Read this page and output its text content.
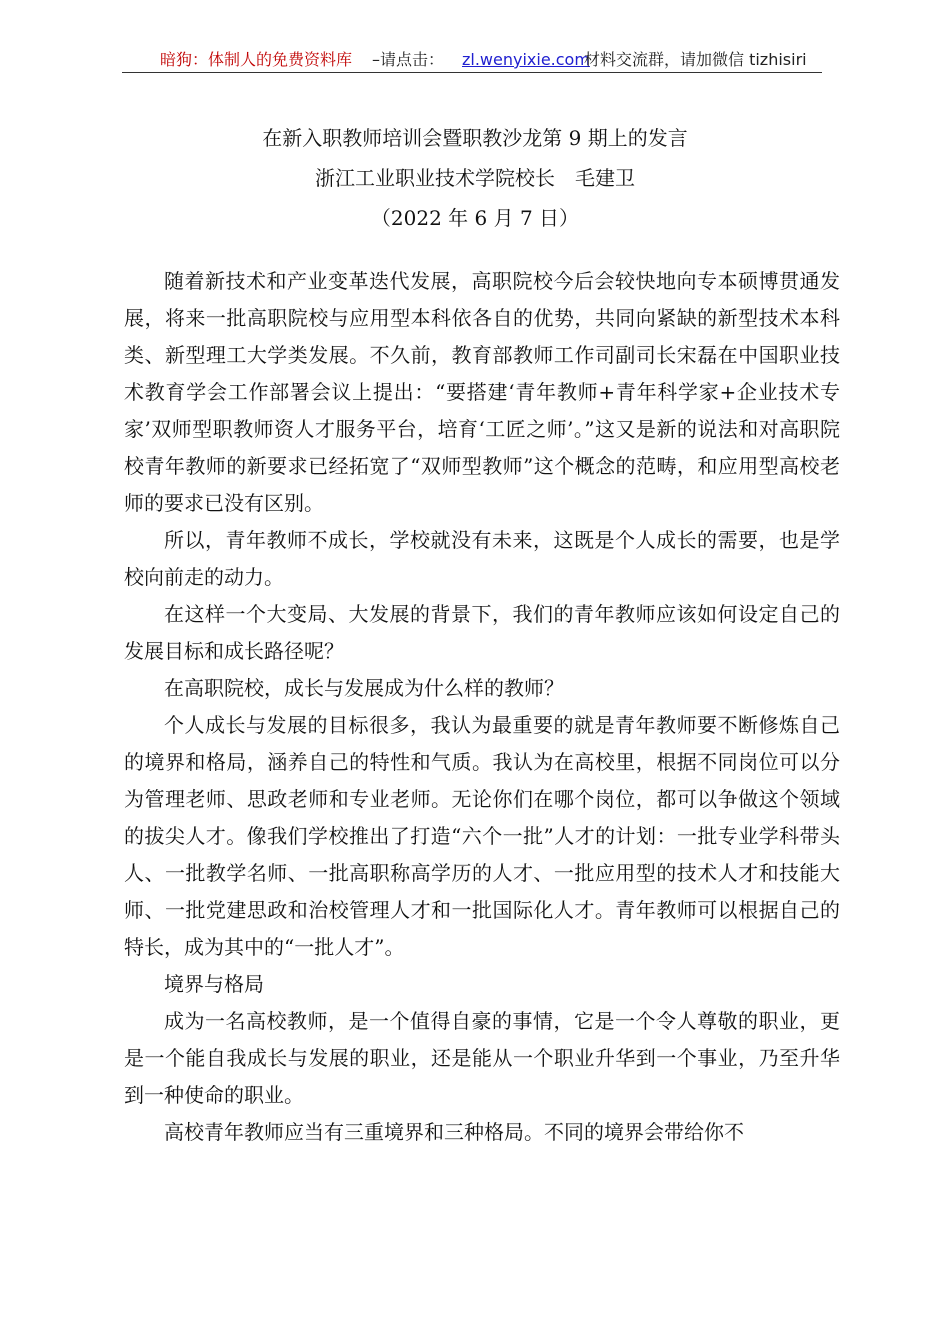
暗狗：体制人的免费资料库 –请点击： zl.wenyixie.com
材料交流群，请加微信 tizhisiri
在新入职教师培训会暨职教沙龙第 9 期上的发言
浙江工业职业技术学院校长　毛建卫
（2022 年 6 月 7 日）

随着新技术和产业变革迭代发展，高职院校今后会较快地向专本硕博贯通发展，将来一批高职院校与应用型本科依各自的优势，共同向紧缺的新型技术本科类、新型理工大学类发展。不久前，教育部教师工作司副司长宋磊在中国职业技术教育学会工作部署会议上提出：“要搭建‘青年教师+青年科学家+企业技术专家’双师型职教师资人才服务平台，培育‘工匠之师’。”这又是新的说法和对高职院校青年教师的新要求已经拓宽了“双师型教师”这个概念的范畴，和应用型高校老师的要求已没有区别。

所以，青年教师不成长，学校就没有未来，这既是个人成长的需要，也是学校向前走的动力。

在这样一个大变局、大发展的背景下，我们的青年教师应该如何设定自己的发展目标和成长路径呢？

在高职院校，成长与发展成为什么样的教师？

个人成长与发展的目标很多，我认为最重要的就是青年教师要不断修炼自己的境界和格局，涵养自己的特性和气质。我认为在高校里，根据不同岗位可以分为管理老师、思政老师和专业老师。无论你们在哪个岗位，都可以争做这个领域的拔尖人才。像我们学校推出了打造“六个一批”人才的计划：一批专业学科带头人、一批教学名师、一批高职称高学历的人才、一批应用型的技术人才和技能大师、一批党建思政和治校管理人才和一批国际化人才。青年教师可以根据自己的特长，成为其中的“一批人才”。

境界与格局

成为一名高校教师，是一个值得自豪的事情，它是一个令人尊敬的职业，更是一个能自我成长与发展的职业，还是能从一个职业升华到一个事业，乃至升华到一种使命的职业。

高校青年教师应当有三重境界和三种格局。不同的境界会带给你不
